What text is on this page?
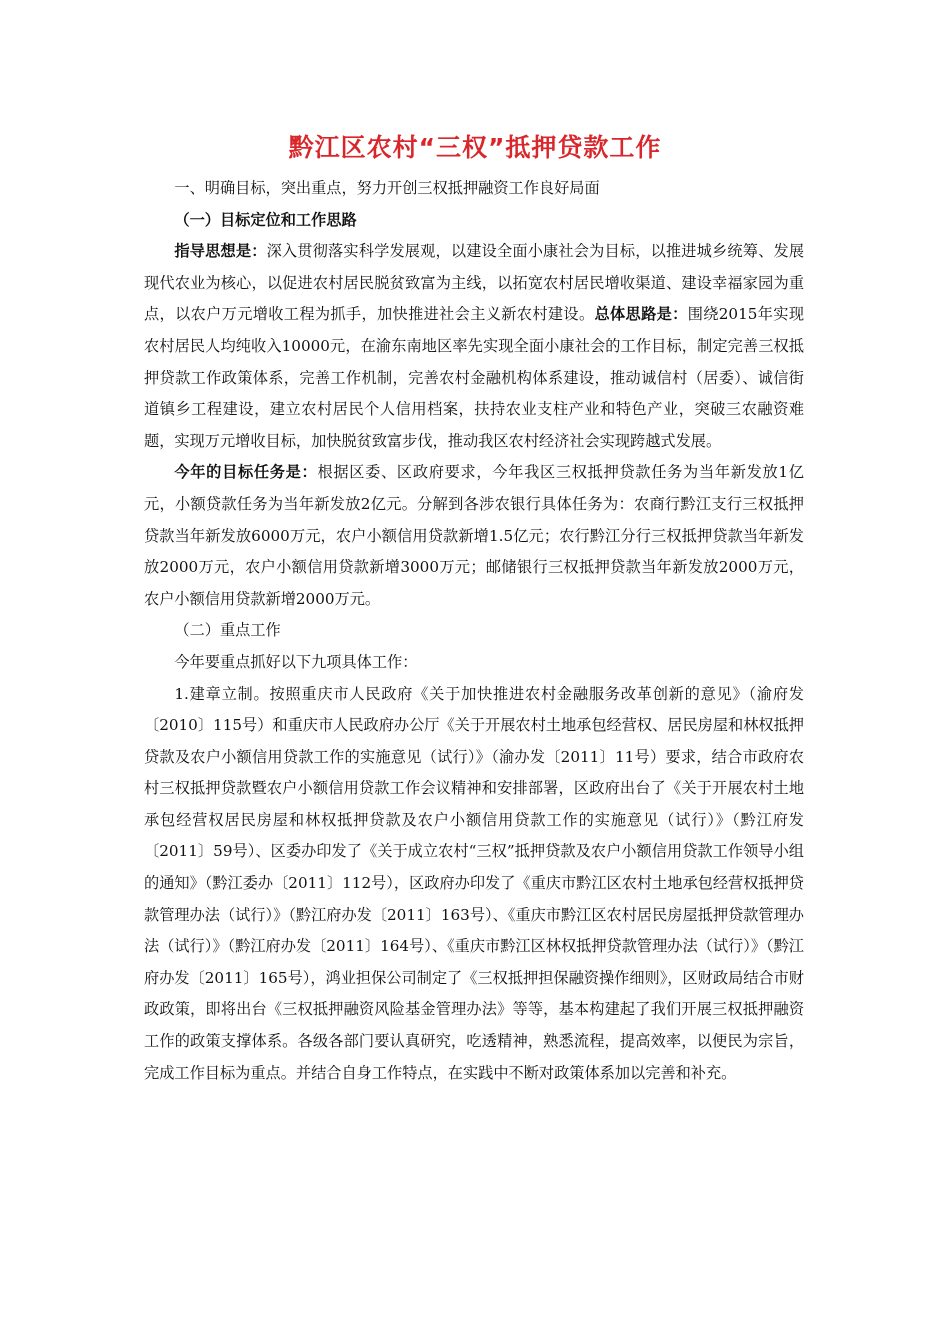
黔江区农村“三权”抵押贷款工作

一、明确目标，突出重点，努力开创三权抵押融资工作良好局面

（一）目标定位和工作思路

指导思想是：深入贯彻落实科学发展观，以建设全面小康社会为目标，以推进城乡统筹、发展现代农业为核心，以促进农村居民脱贫致富为主线，以拓宽农村居民增收渠道、建设幸福家园为重点，以农户万元增收工程为抓手，加快推进社会主义新农村建设。总体思路是：围绕2015年实现农村居民人均纯收入10000元，在渝东南地区率先实现全面小康社会的工作目标，制定完善三权抵押贷款工作政策体系，完善工作机制，完善农村金融机构体系建设，推动诚信村（居委）、诚信街道镇乡工程建设，建立农村居民个人信用档案，扶持农业支柱产业和特色产业，突破三农融资难题，实现万元增收目标，加快脱贫致富步伐，推动我区农村经济社会实现跨越式发展。

今年的目标任务是：根据区委、区政府要求，今年我区三权抵押贷款任务为当年新发放1亿元，小额贷款任务为当年新发放2亿元。分解到各涉农银行具体任务为：农商行黔江支行三权抵押贷款当年新发放6000万元，农户小额信用贷款新增1.5亿元；农行黔江分行三权抵押贷款当年新发放2000万元，农户小额信用贷款新增3000万元；邮储银行三权抵押贷款当年新发放2000万元，农户小额信用贷款新增2000万元。

（二）重点工作

今年要重点抓好以下九项具体工作：

1.建章立制。按照重庆市人民政府《关于加快推进农村金融服务改革创新的意见》（渝府发〔2010〕115号）和重庆市人民政府办公厅《关于开展农村土地承包经营权、居民房屋和林权抵押贷款及农户小额信用贷款工作的实施意见（试行）》（渝办发〔2011〕11号）要求，结合市政府农村三权抵押贷款暨农户小额信用贷款工作会议精神和安排部署，区政府出台了《关于开展农村土地承包经营权居民房屋和林权抵押贷款及农户小额信用贷款工作的实施意见（试行）》（黔江府发〔2011〕59号）、区委办印发了《关于成立农村“三权”抵押贷款及农户小额信用贷款工作领导小组的通知》（黔江委办〔2011〕112号），区政府办印发了《重庆市黔江区农村土地承包经营权抵押贷款管理办法（试行）》（黔江府办发〔2011〕163号）、《重庆市黔江区农村居民房屋抵押贷款管理办法（试行）》（黔江府办发〔2011〕164号）、《重庆市黔江区林权抵押贷款管理办法（试行）》（黔江府办发〔2011〕165号），鸿业担保公司制定了《三权抵押担保融资操作细则》，区财政局结合市财政政策，即将出台《三权抵押融资风险基金管理办法》等等，基本构建起了我们开展三权抵押融资工作的政策支撑体系。各级各部门要认真研究，吃透精神，熟悉流程，提高效率，以便民为宗旨，完成工作目标为重点。并结合自身工作特点，在实践中不断对政策体系加以完善和补充。
